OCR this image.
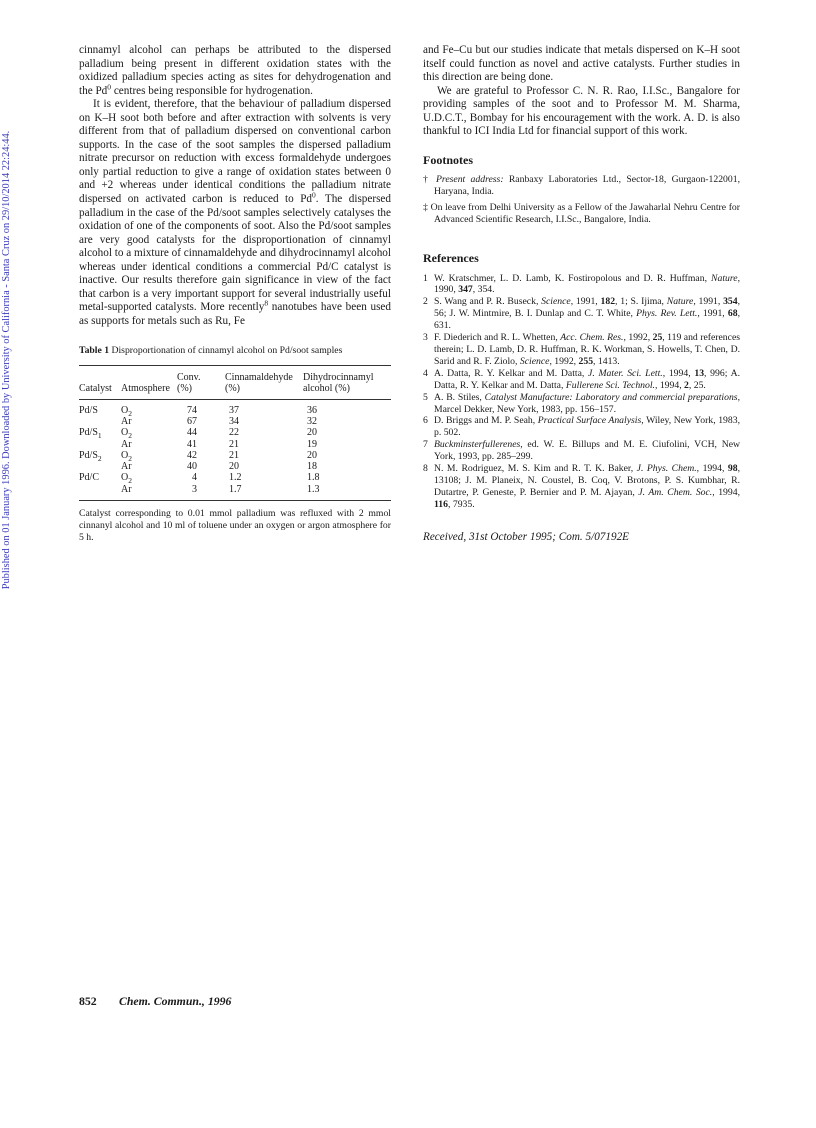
Published on 01 January 1996. Downloaded by University of California - Santa Cruz on 29/10/2014 22:24:44.

cinnamyl alcohol can perhaps be attributed to the dispersed palladium being present in different oxidation states with the oxidized palladium species acting as sites for dehydrogenation and the Pd$^0$ centres being responsible for hydrogenation.

It is evident, therefore, that the behaviour of palladium dispersed on K–H soot both before and after extraction with solvents is very different from that of palladium dispersed on conventional carbon supports. In the case of the soot samples the dispersed palladium nitrate precursor on reduction with excess formaldehyde undergoes only partial reduction to give a range of oxidation states between 0 and +2 whereas under identical conditions the palladium nitrate dispersed on activated carbon is reduced to Pd$^0$. The dispersed palladium in the case of the Pd/soot samples selectively catalyses the oxidation of one of the components of soot. Also the Pd/soot samples are very good catalysts for the disproportionation of cinnamyl alcohol to a mixture of cinnamaldehyde and dihydrocinnamyl alcohol whereas under identical conditions a commercial Pd/C catalyst is inactive. Our results therefore gain significance in view of the fact that carbon is a very important support for several industrially useful metal-supported catalysts. More recently$^8$ nanotubes have been used as supports for metals such as Ru, Fe

Table 1 Disproportionation of cinnamyl alcohol on Pd/soot samples

		Conv.	Cinnamaldehyde	Dihydrocinnamyl
Catalyst	Atmosphere	(%)	(%)	alcohol (%)
Pd/S	$O_2$	74	37	36
	Ar	67	34	32
$Pd/S_1$	$O_2$	44	22	20
	Ar	41	21	19
$Pd/S_2$	$O_2$	42	21	20
	Ar	40	20	18
Pd/C	$O_2$	4	1.2	1.8
	Ar	3	1.7	1.3

Catalyst corresponding to 0.01 mmol palladium was refluxed with 2 mmol cinnanyl alcohol and 10 ml of toluene under an oxygen or argon atmosphere for 5 h.

and Fe–Cu but our studies indicate that metals dispersed on K–H soot itself could function as novel and active catalysts. Further studies in this direction are being done.

We are grateful to Professor C. N. R. Rao, I.I.Sc., Bangalore for providing samples of the soot and to Professor M. M. Sharma, U.D.C.T., Bombay for his encouragement with the work. A. D. is also thankful to ICI India Ltd for financial support of this work.

Footnotes

† Present address: Ranbaxy Laboratories Ltd., Sector-18, Gurgaon-122001, Haryana, India.

‡ On leave from Delhi University as a Fellow of the Jawaharlal Nehru Centre for Advanced Scientific Research, I.I.Sc., Bangalore, India.

References
1 W. Kratschmer, L. D. Lamb, K. Fostiropolous and D. R. Huffman, Nature, 1990, 347, 354.
2 S. Wang and P. R. Buseck, Science, 1991, 182, 1; S. Ijima, Nature, 1991, 354, 56; J. W. Mintmire, B. I. Dunlap and C. T. White, Phys. Rev. Lett., 1991, 68, 631.
3 F. Diederich and R. L. Whetten, Acc. Chem. Res., 1992, 25, 119 and references therein; L. D. Lamb, D. R. Huffman, R. K. Workman, S. Howells, T. Chen, D. Sarid and R. F. Ziolo, Science, 1992, 255, 1413.
4 A. Datta, R. Y. Kelkar and M. Datta, J. Mater. Sci. Lett., 1994, 13, 996; A. Datta, R. Y. Kelkar and M. Datta, Fullerene Sci. Technol., 1994, 2, 25.
5 A. B. Stiles, Catalyst Manufacture: Laboratory and commercial preparations, Marcel Dekker, New York, 1983, pp. 156–157.
6 D. Briggs and M. P. Seah, Practical Surface Analysis, Wiley, New York, 1983, p. 502.
7 Buckminsterfullerenes, ed. W. E. Billups and M. E. Ciufolini, VCH, New York, 1993, pp. 285–299.
8 N. M. Rodriguez, M. S. Kim and R. T. K. Baker, J. Phys. Chem., 1994, 98, 13108; J. M. Planeix, N. Coustel, B. Coq, V. Brotons, P. S. Kumbhar, R. Dutartre, P. Geneste, P. Bernier and P. M. Ajayan, J. Am. Chem. Soc., 1994, 116, 7935.

Received, 31st October 1995; Com. 5/07192E

852 Chem. Commun., 1996
